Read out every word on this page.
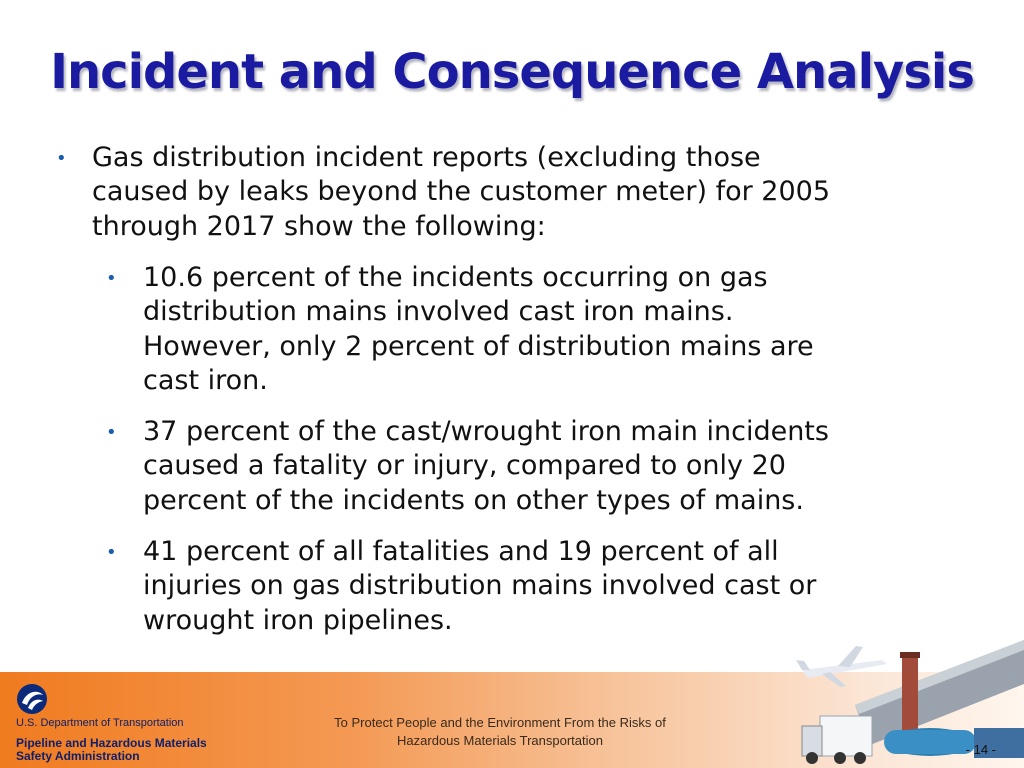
Incident and Consequence Analysis
• Gas distribution incident reports (excluding those
caused by leaks beyond the customer meter) for 2005
through 2017 show the following:
• 10.6 percent of the incidents occurring on gas
distribution mains involved cast iron mains.
However, only 2 percent of distribution mains are
cast iron.
• 37 percent of the cast/wrought iron main incidents
caused a fatality or injury, compared to only 20
percent of the incidents on other types of mains.
• 41 percent of all fatalities and 19 percent of all
injuries on gas distribution mains involved cast or
wrought iron pipelines.
U.S. Department of Transportation
Pipeline and Hazardous Materials
Safety Administration
To Protect People and the Environment From the Risks of
Hazardous Materials Transportation
- 14 -
